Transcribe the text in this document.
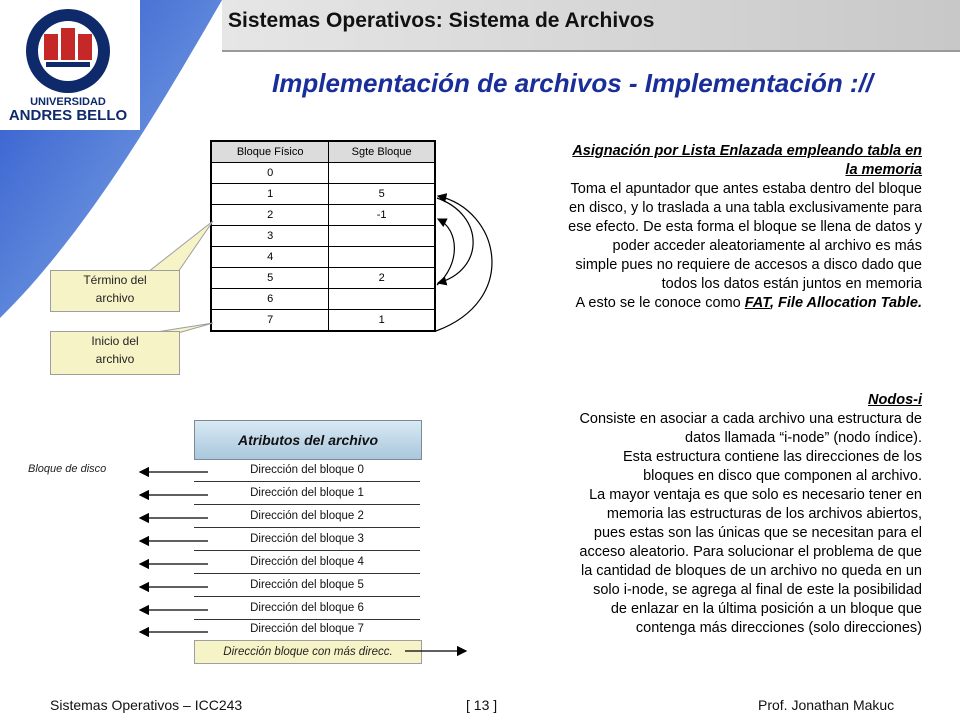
Sistemas Operativos: Sistema de Archivos
Implementación de archivos - Implementación ://
UNIVERSIDAD
ANDRES BELLO
Bloque Físico	Sgte Bloque
0	
1	5
2	-1
3	
4	
5	2
6	
7	1
Término del
archivo
Inicio del
archivo
Asignación por Lista Enlazada empleando tabla en
la memoria
Toma el apuntador que antes estaba dentro del bloque
en disco, y lo traslada a una tabla exclusivamente para
ese efecto. De esta forma el bloque se llena de datos y
poder acceder aleatoriamente al archivo es más
simple pues no requiere de accesos a disco dado que
todos los datos están juntos en memoria
A esto se le conoce como FAT, File Allocation Table.
Nodos-i
Consiste en asociar a cada archivo una estructura de
datos llamada “i-node” (nodo índice).
Esta estructura contiene las direcciones de los
bloques en disco que componen al archivo.
La mayor ventaja es que solo es necesario tener en
memoria las estructuras de los archivos abiertos,
pues estas son las únicas que se necesitan para el
acceso aleatorio. Para solucionar el problema de que
la cantidad de bloques de un archivo no queda en un
solo i-node, se agrega al final de este la posibilidad
de enlazar en la última posición a un bloque que
contenga más direcciones (solo direcciones)
Atributos del archivo
Dirección del bloque 0
Dirección del bloque 1
Dirección del bloque 2
Dirección del bloque 3
Dirección del bloque 4
Dirección del bloque 5
Dirección del bloque 6
Dirección del bloque 7
Dirección bloque con más direcc.
Bloque de disco
Sistemas Operativos – ICC243	[ 13 ]	Prof. Jonathan Makuc
